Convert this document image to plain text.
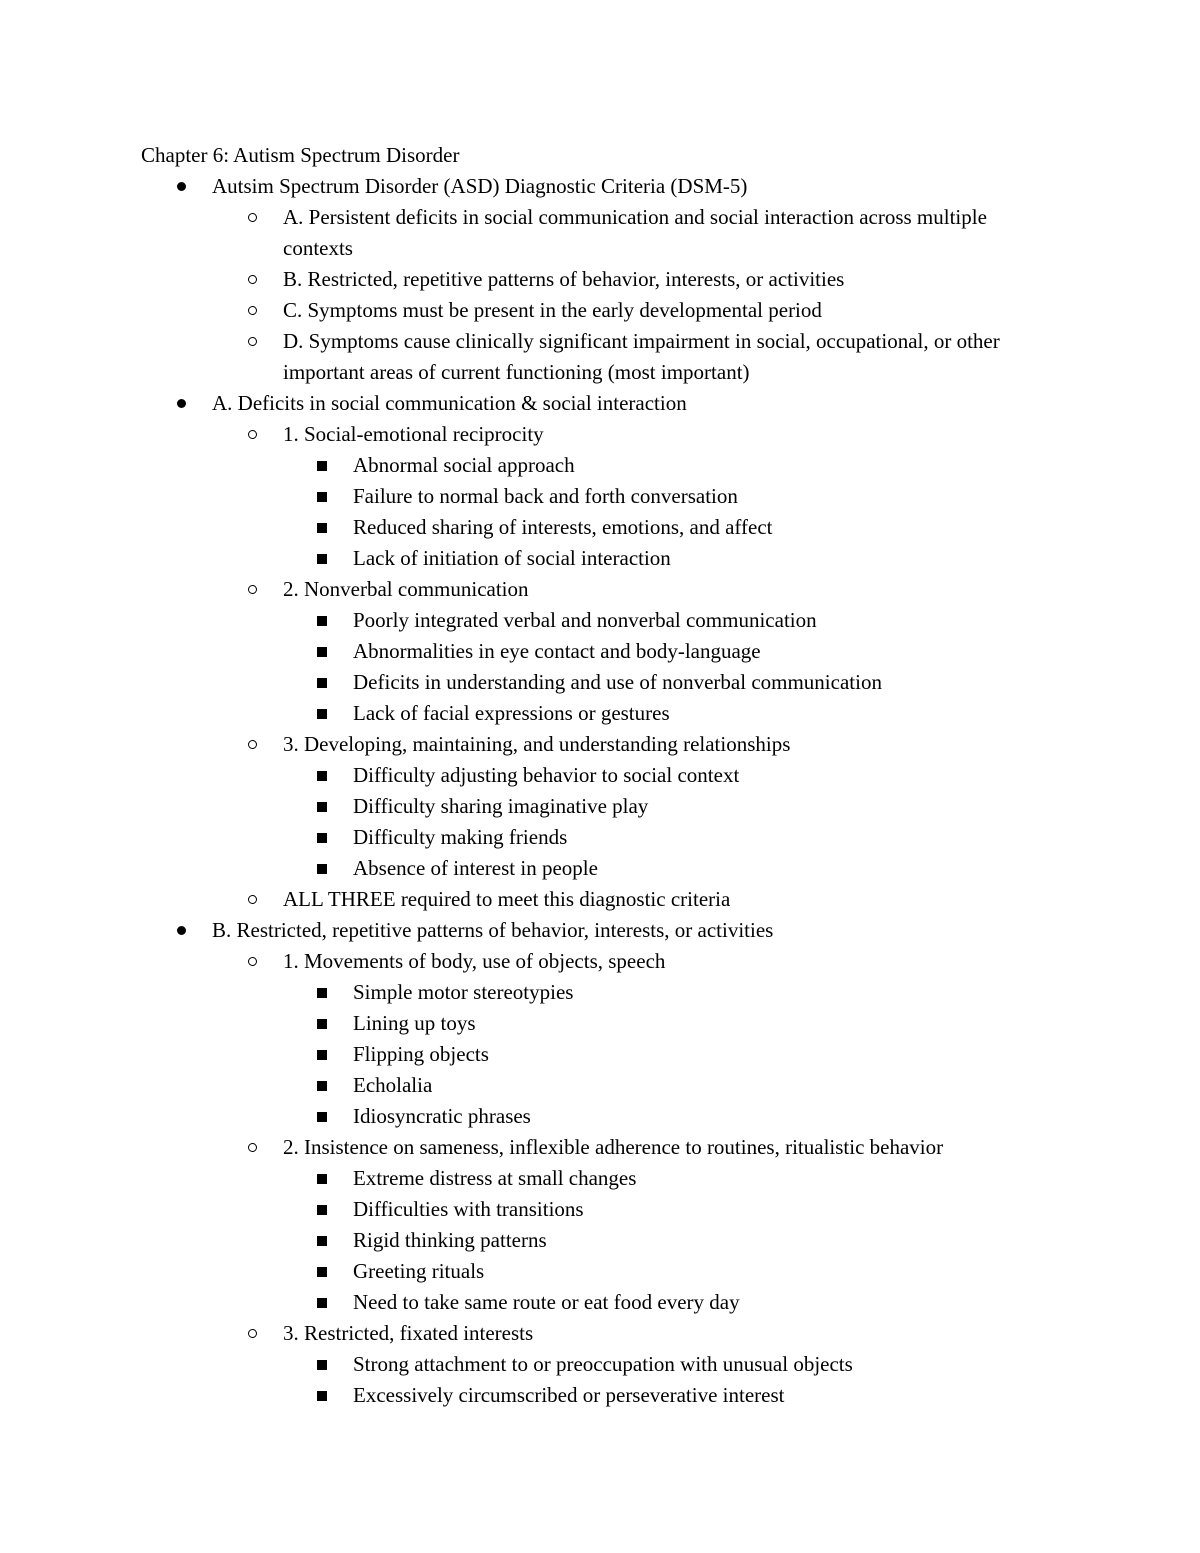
Chapter 6: Autism Spectrum Disorder
Autsim Spectrum Disorder (ASD) Diagnostic Criteria (DSM-5)
A. Persistent deficits in social communication and social interaction across multiple contexts
B. Restricted, repetitive patterns of behavior, interests, or activities
C. Symptoms must be present in the early developmental period
D. Symptoms cause clinically significant impairment in social, occupational, or other important areas of current functioning (most important)
A. Deficits in social communication & social interaction
1. Social-emotional reciprocity
Abnormal social approach
Failure to normal back and forth conversation
Reduced sharing of interests, emotions, and affect
Lack of initiation of social interaction
2. Nonverbal communication
Poorly integrated verbal and nonverbal communication
Abnormalities in eye contact and body-language
Deficits in understanding and use of nonverbal communication
Lack of facial expressions or gestures
3. Developing, maintaining, and understanding relationships
Difficulty adjusting behavior to social context
Difficulty sharing imaginative play
Difficulty making friends
Absence of interest in people
ALL THREE required to meet this diagnostic criteria
B. Restricted, repetitive patterns of behavior, interests, or activities
1. Movements of body, use of objects, speech
Simple motor stereotypies
Lining up toys
Flipping objects
Echolalia
Idiosyncratic phrases
2. Insistence on sameness, inflexible adherence to routines, ritualistic behavior
Extreme distress at small changes
Difficulties with transitions
Rigid thinking patterns
Greeting rituals
Need to take same route or eat food every day
3. Restricted, fixated interests
Strong attachment to or preoccupation with unusual objects
Excessively circumscribed or perseverative interest
